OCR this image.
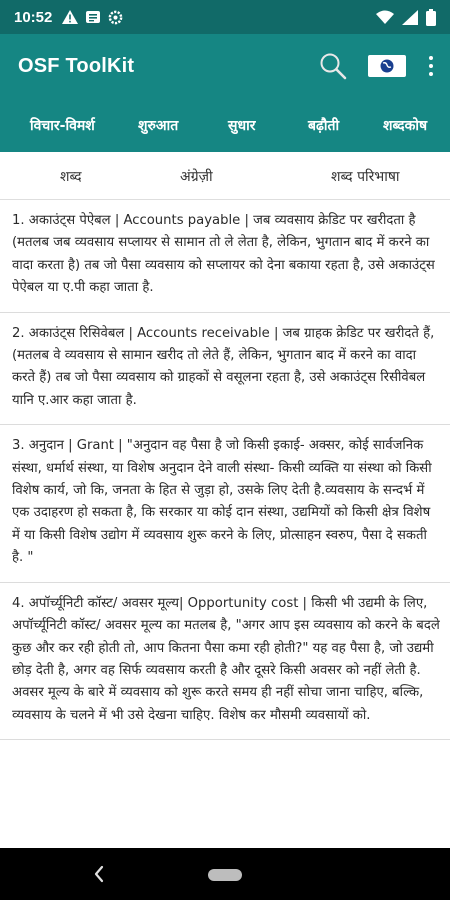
10:52
OSF ToolKit
विचार-विमर्श	शुरुआत	सुधार	बढ़ौती	शब्दकोष
शब्द	अंग्रेज़ी	शब्द परिभाषा
1. अकाउंट्स पेऐबल | Accounts payable | जब व्यवसाय क्रेडिट पर खरीदता है (मतलब जब व्यवसाय सप्लायर से सामान तो ले लेता है, लेकिन, भुगतान बाद में करने का वादा करता है) तब जो पैसा व्यवसाय को सप्लायर को देना बकाया रहता है, उसे अकाउंट्स पेऐबल या ए.पी कहा जाता है.
2. अकाउंट्स रिसिवेबल | Accounts receivable | जब ग्राहक क्रेडिट पर खरीदते हैं, (मतलब वे व्यवसाय से सामान खरीद तो लेते हैं, लेकिन, भुगतान बाद में करने का वादा करते हैं) तब जो पैसा व्यवसाय को ग्राहकों से वसूलना रहता है, उसे अकाउंट्स रिसीवेबल यानि ए.आर कहा जाता है.
3. अनुदान | Grant | "अनुदान वह पैसा है जो किसी इकाई- अक्सर, कोई सार्वजनिक संस्था, धर्मार्थ संस्था, या विशेष अनुदान देने वाली संस्था- किसी व्यक्ति या संस्था को किसी विशेष कार्य, जो कि, जनता के हित से जुड़ा हो, उसके लिए देती है.व्यवसाय के सन्दर्भ में एक उदाहरण हो सकता है, कि सरकार या कोई दान संस्था, उद्यमियों को किसी क्षेत्र विशेष में या किसी विशेष उद्योग में व्यवसाय शुरू करने के लिए, प्रोत्साहन स्वरुप, पैसा दे सकती है. "
4. अपॉर्च्यूनिटी कॉस्ट/ अवसर मूल्य| Opportunity cost | किसी भी उद्यमी के लिए, अपॉर्च्यूनिटी कॉस्ट/ अवसर मूल्य का मतलब है, "अगर आप इस व्यवसाय को करने के बदले कुछ और कर रही होती तो, आप कितना पैसा कमा रही होती?" यह वह पैसा है, जो उद्यमी छोड़ देती है, अगर वह सिर्फ व्यवसाय करती है और दूसरे किसी अवसर को नहीं लेती है. अवसर मूल्य के बारे में व्यवसाय को शुरू करते समय ही नहीं सोचा जाना चाहिए, बल्कि, व्यवसाय के चलने में भी उसे देखना चाहिए. विशेष कर मौसमी व्यवसायों को.
